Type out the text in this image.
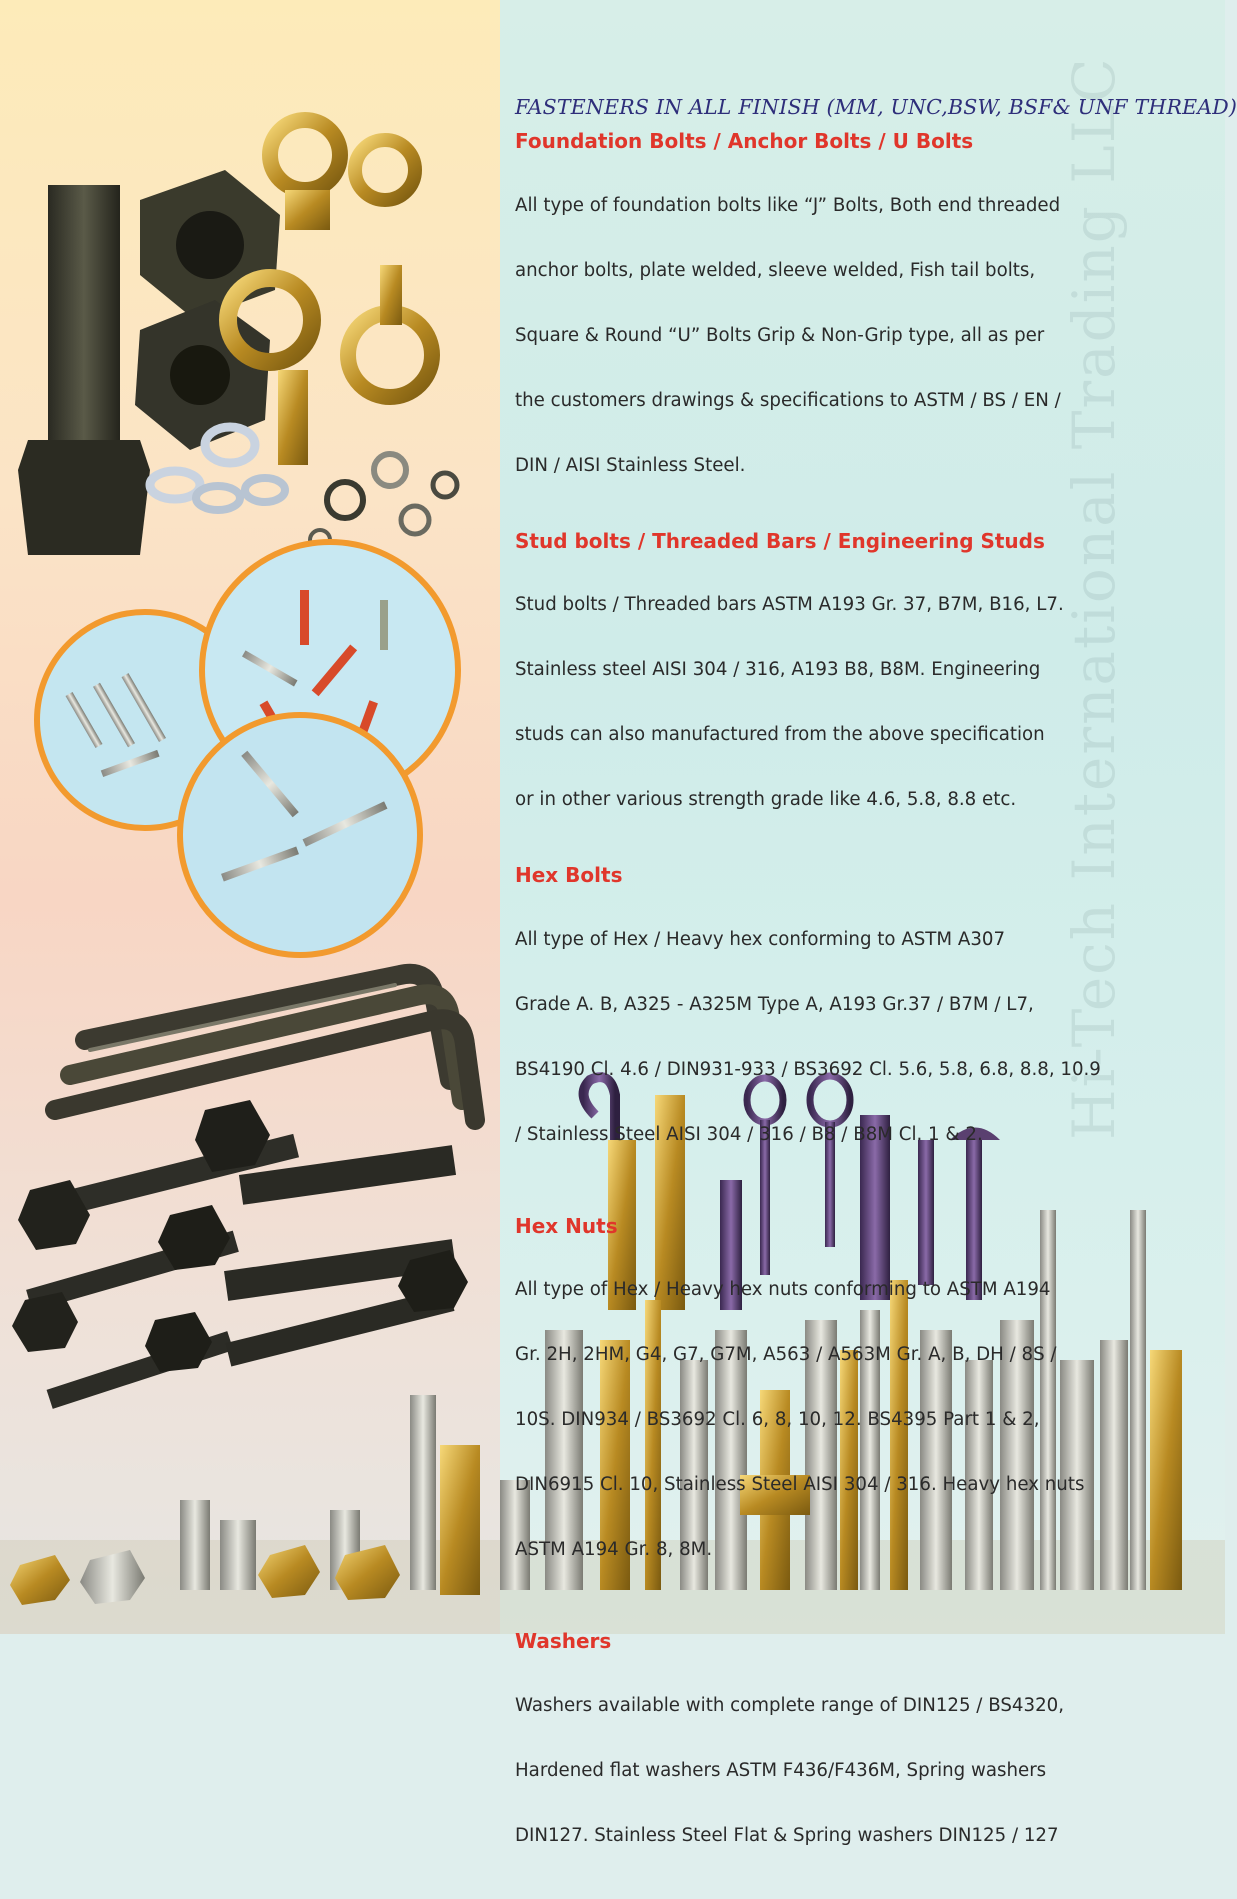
Hi-Tech International Trading LLC
FASTENERS IN ALL FINISH (MM, UNC,BSW, BSF& UNF THREAD)
Foundation Bolts / Anchor Bolts / U Bolts

All type of foundation bolts like “J” Bolts, Both end threaded

anchor bolts, plate welded, sleeve welded, Fish tail bolts,

Square & Round “U” Bolts Grip & Non-Grip type, all as per

the customers drawings & specifications to ASTM / BS / EN /

DIN / AISI Stainless Steel.

Stud bolts / Threaded Bars / Engineering Studs

Stud bolts / Threaded bars ASTM A193 Gr. 37, B7M, B16, L7.

Stainless steel AISI 304 / 316, A193 B8, B8M. Engineering

studs can also manufactured from the above specification

or in other various strength grade like 4.6, 5.8, 8.8 etc.

Hex Bolts

All type of Hex / Heavy hex conforming to ASTM A307

Grade A. B, A325 - A325M Type A, A193 Gr.37 / B7M / L7,

BS4190 Cl. 4.6 / DIN931-933 / BS3692 Cl. 5.6, 5.8, 6.8, 8.8, 10.9

/ Stainless Steel AISI 304 / 316 / B8 / B8M Cl. 1 & 2.

Hex Nuts

All type of Hex / Heavy hex nuts conforming to ASTM A194

Gr. 2H, 2HM, G4, G7, G7M, A563 / A563M Gr. A, B, DH / 8S /

10S. DIN934 / BS3692 Cl. 6, 8, 10, 12. BS4395 Part 1 & 2,

DIN6915 Cl. 10, Stainless Steel AISI 304 / 316. Heavy hex nuts

ASTM A194 Gr. 8, 8M.

Washers

Washers available with complete range of DIN125 / BS4320,

Hardened flat washers ASTM F436/F436M, Spring washers

DIN127. Stainless Steel Flat & Spring washers DIN125 / 127
